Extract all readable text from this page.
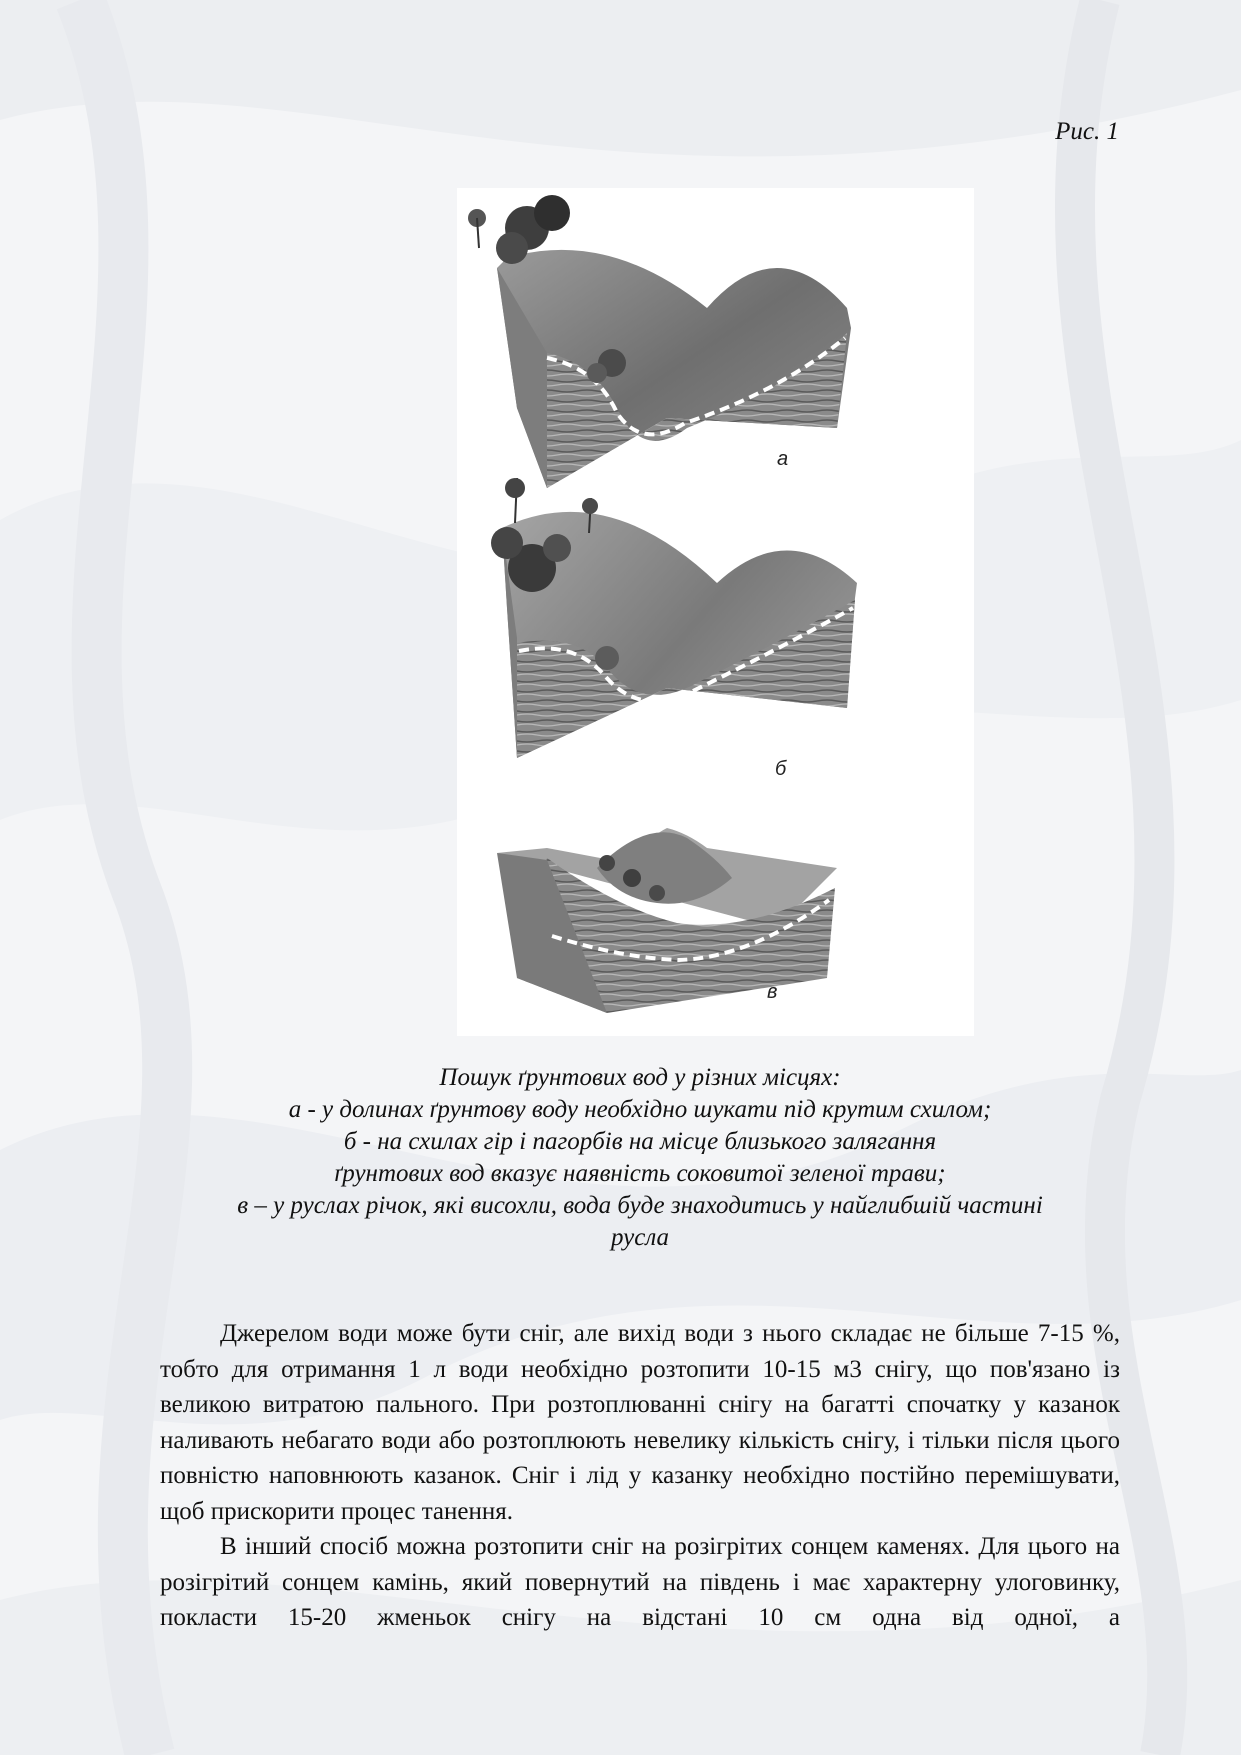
Рис. 1
а
б
в
Пошук ґрунтових вод у різних місцях:
а - у долинах ґрунтову воду необхідно шукати під крутим схилом;
б - на схилах гір і пагорбів на місце близького залягання
ґрунтових вод вказує наявність соковитої зеленої трави;
в – у руслах річок, які висохли, вода буде знаходитись у найглибшій частині
русла

Джерелом води може бути сніг, але вихід води з нього складає не більше 7-15 %, тобто для отримання 1 л води необхідно розтопити 10-15 м3 снігу, що пов'язано із великою витратою пального. При розтоплюванні снігу на багатті спочатку у казанок наливають небагато води або розтоплюють невелику кількість снігу, і тільки після цього повністю наповнюють казанок. Сніг і лід у казанку необхідно постійно перемішувати, щоб прискорити процес танення.

В інший спосіб можна розтопити сніг на розігрітих сонцем каменях. Для цього на розігрітий сонцем камінь, який повернутий на південь і має характерну улоговинку, покласти 15-20 жменьок снігу на відстані 10 см одна від одної, а
